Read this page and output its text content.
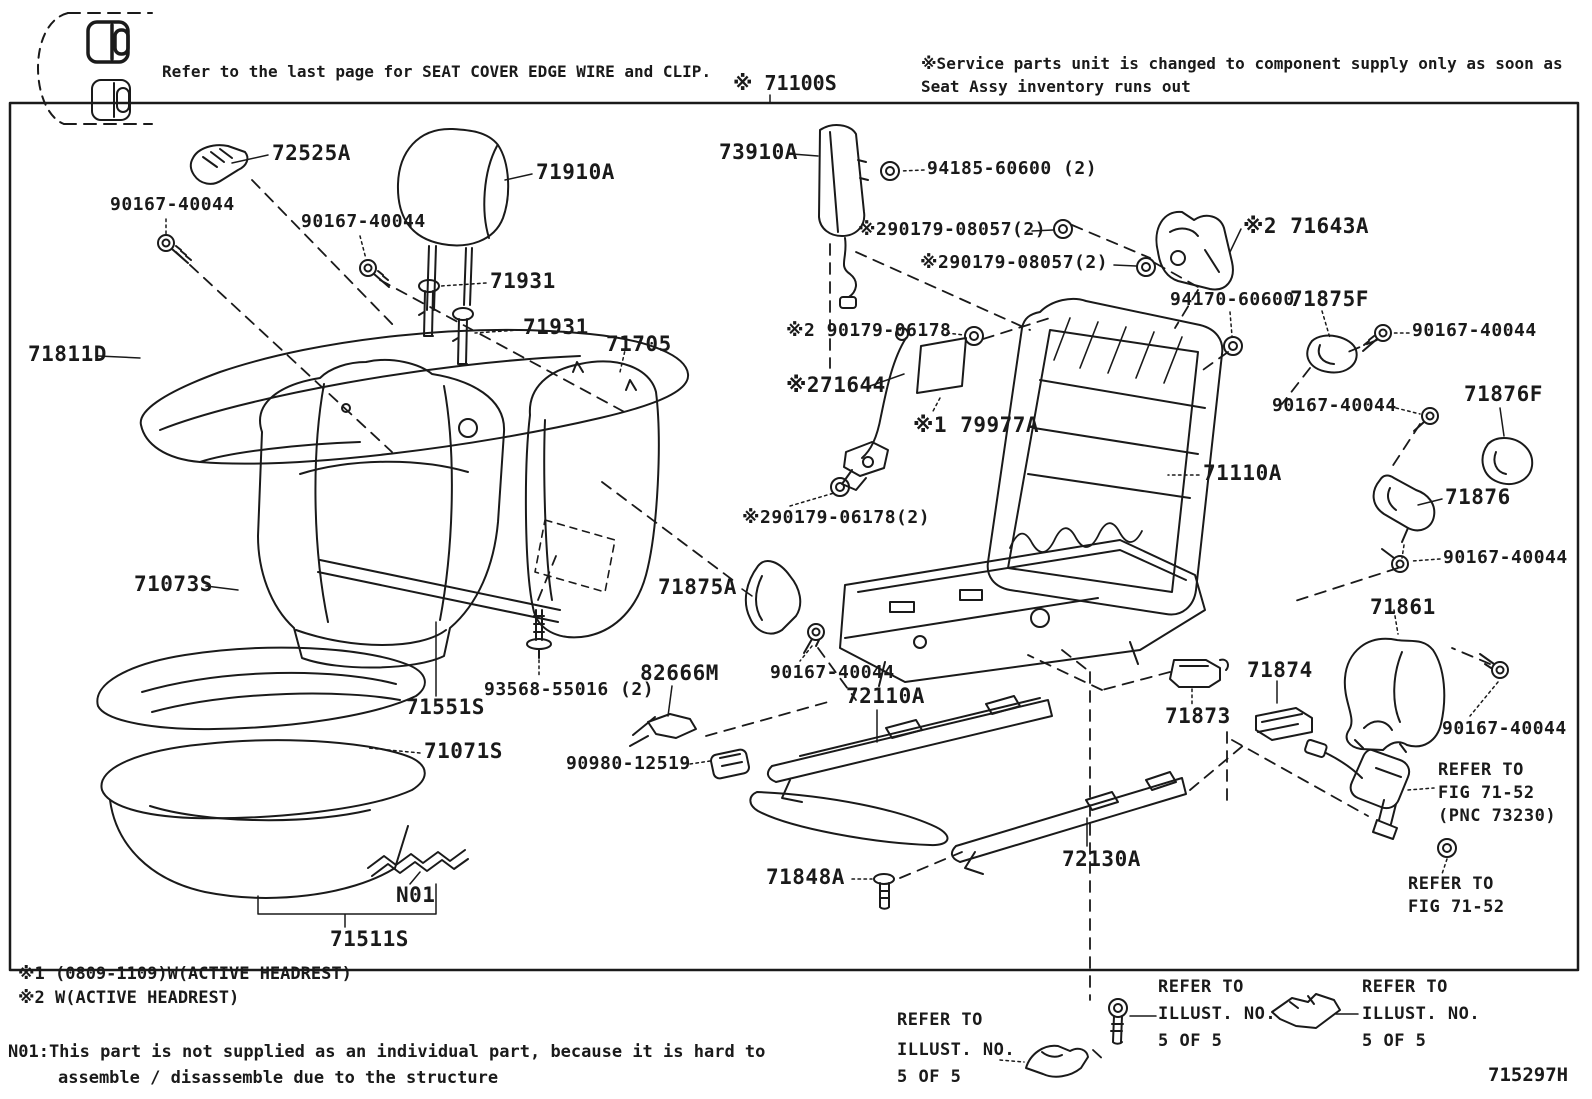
Refer to the last page for SEAT COVER EDGE WIRE and CLIP. ※ 71100S
※Service parts unit is changed to component supply only as soon as
Seat Assy inventory runs out
※1 (0809-1109)W(ACTIVE HEADREST)
※2 W(ACTIVE HEADREST)
N01:This part is not supplied as an individual part, because it is hard to
assemble / disassemble due to the structure	715297H
72525A
71910A
90167-40044
90167-40044
71931
71931
71811D	71705
71073S
73910A
94185-60600 (2)
※290179-08057(2)
※290179-08057(2)
※2 71643A
94170-60600
71875F
90167-40044
※2 90179-06178
※271644
※1 79977A
90167-40044	71876F
71110A
71876
90167-40044
※290179-06178(2)
71875A
71861
93568-55016 (2)
82666M	90167-40044
72110A
71874
71873
90167-40044
REFER TO
FIG 71-52
(PNC 73230)
71551S
71071S
90980-12519
71848A
72130A
REFER TO
FIG 71-52
N01
71511S
REFER TO
ILLUST. NO.
5 OF 5
REFER TO
ILLUST. NO.
5 OF 5
REFER TO
ILLUST. NO.
5 OF 5
